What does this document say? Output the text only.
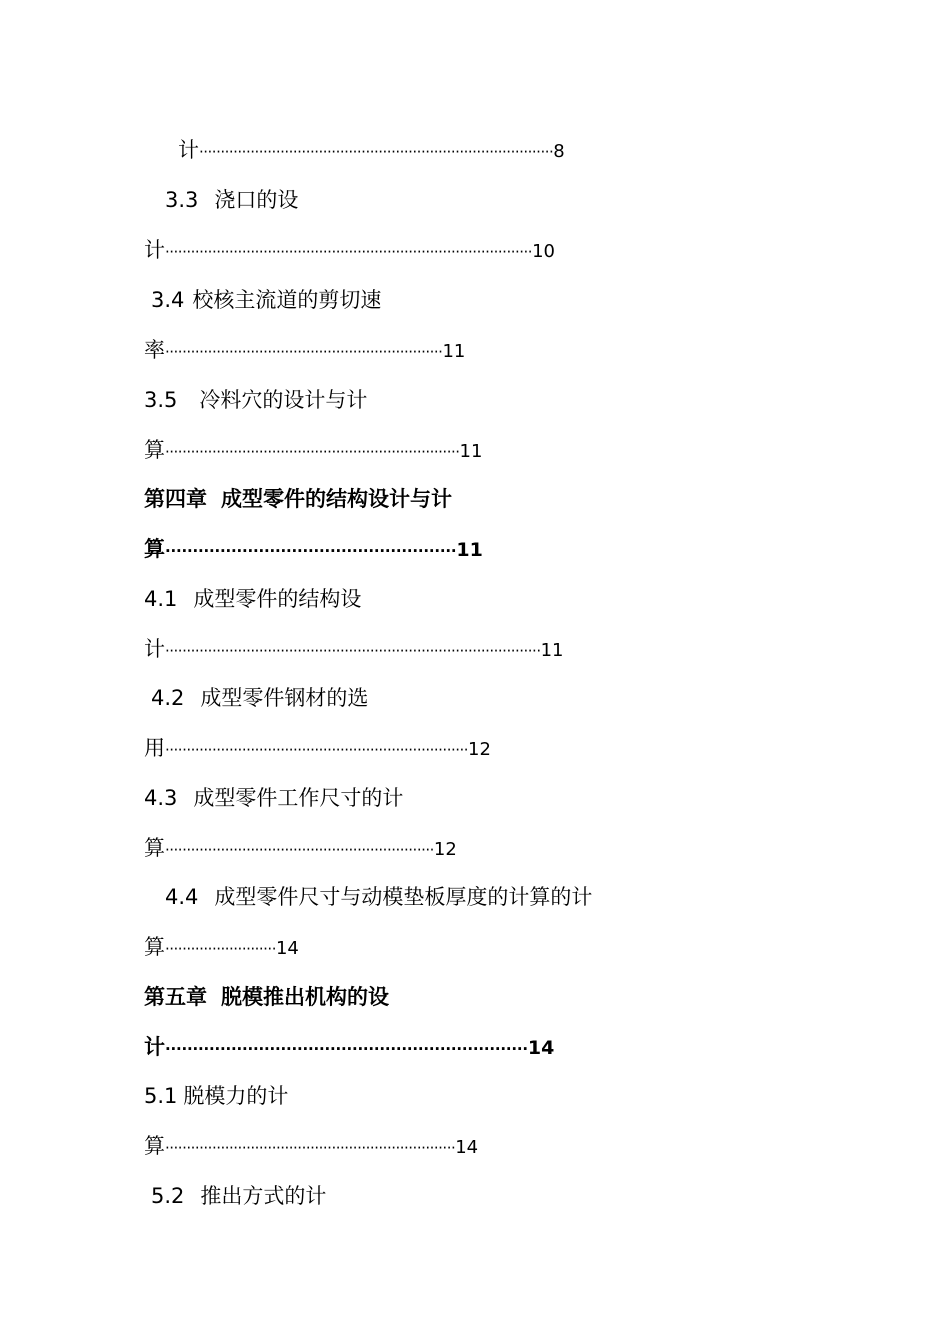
计···················································································8
3.3 浇口的设
计······················································································10
3.4 校核主流道的剪切速
率·································································11
3.5 冷料穴的设计与计
算·····································································11
第四章 成型零件的结构设计与计
算·····················································11
4.1 成型零件的结构设
计························································································11
4.2 成型零件钢材的选
用·······································································12
4.3 成型零件工作尺寸的计
算·······························································12
4.4 成型零件尺寸与动模垫板厚度的计算的计
算··························14
第五章 脱模推出机构的设
计··································································14
5.1 脱模力的计
算····································································14
5.2 推出方式的计
